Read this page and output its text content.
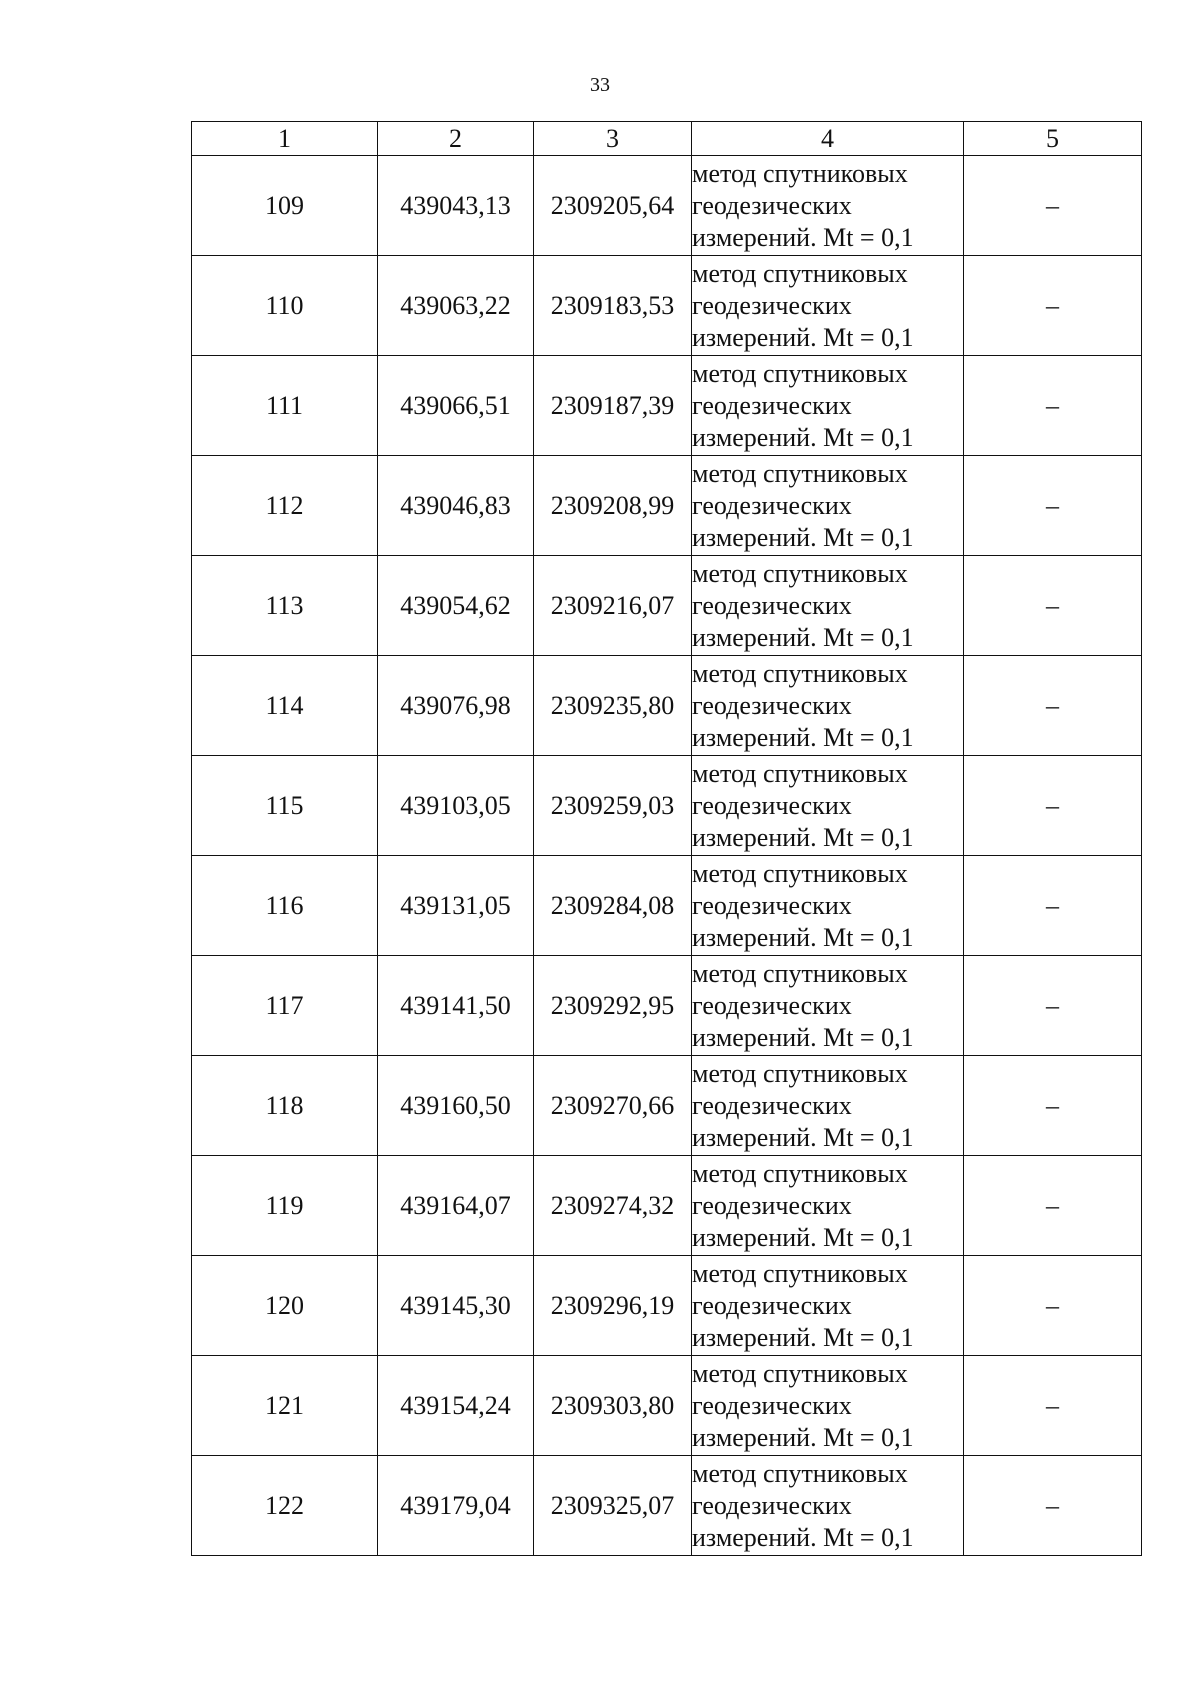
33
1	2	3	4	5
109	439043,13	2309205,64	метод спутниковых
геодезических
измерений. Mt = 0,1	–
110	439063,22	2309183,53	метод спутниковых
геодезических
измерений. Mt = 0,1	–
111	439066,51	2309187,39	метод спутниковых
геодезических
измерений. Mt = 0,1	–
112	439046,83	2309208,99	метод спутниковых
геодезических
измерений. Mt = 0,1	–
113	439054,62	2309216,07	метод спутниковых
геодезических
измерений. Mt = 0,1	–
114	439076,98	2309235,80	метод спутниковых
геодезических
измерений. Mt = 0,1	–
115	439103,05	2309259,03	метод спутниковых
геодезических
измерений. Mt = 0,1	–
116	439131,05	2309284,08	метод спутниковых
геодезических
измерений. Mt = 0,1	–
117	439141,50	2309292,95	метод спутниковых
геодезических
измерений. Mt = 0,1	–
118	439160,50	2309270,66	метод спутниковых
геодезических
измерений. Mt = 0,1	–
119	439164,07	2309274,32	метод спутниковых
геодезических
измерений. Mt = 0,1	–
120	439145,30	2309296,19	метод спутниковых
геодезических
измерений. Mt = 0,1	–
121	439154,24	2309303,80	метод спутниковых
геодезических
измерений. Mt = 0,1	–
122	439179,04	2309325,07	метод спутниковых
геодезических
измерений. Mt = 0,1	–
